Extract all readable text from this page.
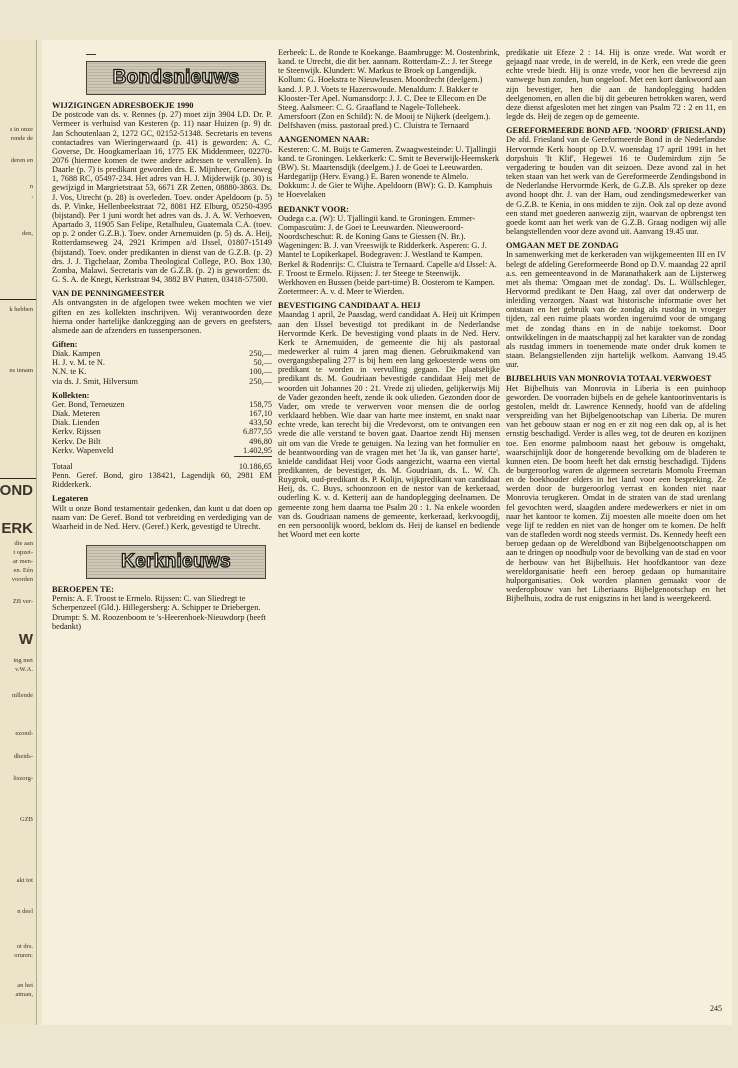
s in onze
rende de
deren en
n
,
den,
k hebben
ns innam
OND
ERK
die aan
t opzet-
ar men-
en. Eén
voorden
ZB ver-
W
ing met
v.W.A.
nillende
ezond-
dheids-
liszorg-
GZB
akt tot
n deel
ot drs.
oruren:
an het
atman,
Bondsnieuws
WIJZIGINGEN ADRESBOEKJE 1990
De postcode van ds. v. Rennes (p. 27) moet zijn 3904 LD. Dr. P. Vermeer is verhuisd van Kesteren (p. 11) naar Huizen (p. 9) dr. Jan Schoutenlaan 2, 1272 GC, 02152-51348. Secretaris en tevens contactadres van Wieringerwaard (p. 41) is geworden: A. C. Goverse, Dr. Hoogkamerlaan 16, 1775 EK Middenmeer, 02270-2076 (hiermee komen de twee andere adressen te vervallen). In Daarle (p. 7) is predikant geworden drs. E. Mijnheer, Groeneweg 1, 7688 RC, 05497-234. Het adres van H. J. Mijderwijk (p. 30) is gewijzigd in Margrietstraat 53, 6671 ZR Zetten, 08880-3863. Ds. J. Vos, Utrecht (p. 28) is overleden. Toev. onder Apeldoorn (p. 5) ds. P. Vinke, Hellenbeekstraat 72, 8081 HZ Elburg, 05250-4395 (bijstand). Per 1 juni wordt het adres van ds. J. A. W. Verhoeven, Apartado 3, 11905 San Felipe, Retalhuleu, Guatemala C.A. (toev. op p. 2 onder G.Z.B.). Toev. onder Arnemuiden (p. 5) ds. A. Heij, Rotterdamseweg 24, 2921 Krimpen a/d IJssel, 01807-15149 (bijstand). Toev. onder predikanten in dienst van de G.Z.B. (p. 2) drs. J. J. Tigchelaar, Zomba Theological College, P.O. Box 130, Zomba, Malawi. Secretaris van de G.Z.B. (p. 2) is geworden: ds. G. S. A. de Knegt, Kerkstraat 94, 3882 BV Putten, 03418-57500.
VAN DE PENNINGMEESTER
Als ontvangsten in de afgelopen twee weken mochten we vier giften en zes kollekten inschrijven. Wij verantwoorden deze hierna onder hartelijke dankzegging aan de gevers en geefsters, alsmede aan de afzenders en tussenpersonen.
Giften:
Diak. Kampen	250,—
H. J. v. M. te N.	50,—
N.N. te K.	100,—
via ds. J. Smit, Hilversum	250,—
Kollekten:
Ger. Bond, Terneuzen	158,75
Diak. Meteren	167,10
Diak. Lienden	433,50
Kerkv. Rijssen	6.877,55
Kerkv. De Bilt	496,80
Kerkv. Wapenveld	1.402,95
Totaal	10.186,65
Penn. Geref. Bond, giro 138421, Lagendijk 60, 2981 EM Ridderkerk.
Legateren
Wilt u onze Bond testamentair gedenken, dan kunt u dat doen op naam van: De Geref. Bond tot verbreiding en verdediging van de Waarheid in de Ned. Herv. (Geref.) Kerk, gevestigd te Utrecht.
Kerknieuws
BEROEPEN TE:
Pernis: A. F. Troost te Ermelo. Rijssen: C. van Sliedregt te Scherpenzeel (Gld.). Hillegersberg: A. Schipper te Driebergen. Drumpt: S. M. Roozenboom te 's-Heerenhoek-Nieuwdorp (heeft bedankt)
Eerbeek: L. de Ronde te Koekange. Baambrugge: M. Oostenbrink, kand. te Utrecht, die dit ber. aannam. Rotterdam-Z.: J. ter Steege te Steenwijk. Klundert: W. Markus te Broek op Langendijk. Kollum: G. Hoekstra te Nieuwleusen. Moordrecht (deelgem.) kand. J. P. J. Voets te Hazerswoude. Menaldum: J. Bakker te Klooster-Ter Apel. Numansdorp: J. J. C. Dee te Ellecom en De Steeg. Aalsmeer: C. G. Graafland te Nagele-Tollebeek. Amersfoort (Zon en Schild): N. de Mooij te Nijkerk (deelgem.). Delfshaven (miss. pastoraal pred.) C. Cluistra te Ternaard
AANGENOMEN NAAR:
Kesteren: C. M. Buijs te Gameren. Zwaagwesteinde: U. Tjallingii kand. te Groningen. Lekkerkerk: C. Smit te Beverwijk-Heemskerk (BW). St. Maartensdijk (deelgem.) J. de Goei te Leeuwarden. Hardegarijp (Herv. Evang.) E. Baren wonende te Almelo. Dokkum: J. de Gier te Wijhe. Apeldoorn (BW): G. D. Kamphuis te Hoevelaken
BEDANKT VOOR:
Oudega c.a. (W): U. Tjallingii kand. te Groningen. Emmer-Compascuüm: J. de Goei te Leeuwarden. Nieuweroord-Noordscheschut: R. de Koning Gans te Giessen (N. Br.). Wageningen: B. J. van Vreeswijk te Ridderkerk. Asperen: G. J. Mantel te Lopikerkapel. Bodegraven: J. Westland te Kampen. Berkel & Rodenrijs: C. Cluistra te Ternaard. Capelle a/d IJssel: A. F. Troost te Ermelo. Rijssen: J. ter Steege te Steenwijk. Werkhoven en Bussen (beide part-time) B. Oosterom te Kampen. Zoetermeer: A. v. d. Meer te Wierden.
BEVESTIGING CANDIDAAT A. HEIJ
Maandag 1 april, 2e Paasdag, werd candidaat A. Heij uit Krimpen aan den IJssel bevestigd tot predikant in de Nederlandse Hervormde Kerk. De bevestiging vond plaats in de Ned. Herv. Kerk te Arnemuiden, de gemeente die hij als pastoraal medewerker al ruim 4 jaren mag dienen. Gebruikmakend van overgangsbepaling 277 is bij hem een lang gekoesterde wens om predikant te worden in vervulling gegaan. De plaatselijke predikant ds. M. Goudriaan bevestigde candidaat Heij met de woorden uit Johannes 20 : 21. Vrede zij ulieden, gelijkerwijs Mij de Vader gezonden heeft, zende ik ook ulieden. Gezonden door de Vader, om vrede te verwerven voor mensen die de oorlog verklaard hebben. Wie daar van harte mee instemt, en snakt naar echte vrede, kan terecht bij die Vredevorst, om te ontvangen een vrede die alle verstand te boven gaat. Daartoe zendt Hij mensen uit om van die Vrede te getuigen. Na lezing van het formulier en de beantwoording van de vragen met het 'Ja ik, van ganser harte', knielde candidaat Heij voor Gods aangezicht, waarna een viertal predikanten, de bevestiger, ds. M. Goudriaan, ds. L. W. Ch. Ruygrok, oud-predikant ds. P. Kolijn, wijkpredikant van candidaat Heij, ds. C. Buys, schoonzoon en de nestor van de kerkeraad, ouderling K. v. d. Ketterij aan de handoplegging deelnamen. De gemeente zong hem daarna toe Psalm 20 : 1. Na enkele woorden van ds. Goudriaan namens de gemeente, kerkeraad, kerkvoogdij, en een persoonlijk woord, beklom ds. Heij de kansel en bediende het Woord met een korte
predikatie uit Efeze 2 : 14. Hij is onze vrede. Wat wordt er gejaagd naar vrede, in de wereld, in de Kerk, een vrede die geen echte vrede biedt. Hij is onze vrede, voor hen die bevreesd zijn vanwege hun zonden, hun ongeloof. Met een kort dankwoord aan zijn bevestiger, hen die aan de handoplegging hadden deelgenomen, en allen die bij dit gebeuren betrokken waren, werd deze dienst afgesloten met het zingen van Psalm 72 : 2 en 11, en legde ds. Heij de zegen op de gemeente.
GEREFORMEERDE BOND AFD. 'NOORD' (FRIESLAND)
De afd. Friesland van de Gereformeerde Bond in de Nederlandse Hervormde Kerk hoopt op D.V. woensdag 17 april 1991 in het dorpshuis 'It Klif', Hegewei 16 te Oudemirdum zijn 5e vergadering te houden van dit seizoen. Deze avond zal in het teken staan van het werk van de Gereformeerde Zendingsbond in de Nederlandse Hervormde Kerk, de G.Z.B. Als spreker op deze avond hoopt dhr. J. van der Ham, oud zendingsmedewerker van de G.Z.B. te Kenia, in ons midden te zijn. Ook zal op deze avond een stand met goederen aanwezig zijn, waarvan de opbrengst ten goede komt aan het werk van de G.Z.B. Graag nodigen wij alle belangstellenden voor deze avond uit. Aanvang 19.45 uur.
OMGAAN MET DE ZONDAG
In samenwerking met de kerkeraden van wijkgemeenten III en IV belegt de afdeling Gereformeerde Bond op D.V. maandag 22 april a.s. een gemeenteavond in de Maranathakerk aan de Lijsterweg met als thema: 'Omgaan met de zondag'. Ds. L. Wüllschleger, Hervormd predikant te Den Haag, zal over dat onderwerp de inleiding verzorgen. Naast wat historische informatie over het ontstaan en het gebruik van de zondag als rustdag in vroeger tijden, zal een ruime plaats worden ingeruimd voor de omgang met de zondag thans en in de nabije toekomst. Door ontwikkelingen in de maatschappij zal het karakter van de zondag als rustdag immers in toenemende mate onder druk komen te staan. Belangstellenden zijn hartelijk welkom. Aanvang 19.45 uur.
BIJBELHUIS VAN MONROVIA TOTAAL VERWOEST
Het Bijbelhuis van Monrovia in Liberia is een puinhoop geworden. De voorraden bijbels en de gehele kantoorinventaris is gestolen, meldt dr. Lawrence Kennedy, hoofd van de afdeling verspreiding van het Bijbelgenootschap van Liberia. De muren van het gebouw staan er nog en er zit nog een dak op, al is het ernstig beschadigd. Verder is alles weg, tot de deuren en kozijnen toe. Een enorme palmboom naast het gebouw is omgehakt, waarschijnlijk door de hongerende bevolking om de bladeren te kunnen eten. De boom heeft het dak ernstig beschadigd. Tijdens de burgeroorlog waren de algemeen secretaris Momolu Freeman en de boekhouder elders in het land voor een bespreking. Ze werden door de burgeroorlog verrast en konden niet naar Monrovia terugkeren. Omdat in de straten van de stad urenlang fel gevochten werd, slaagden andere medewerkers er niet in om naar het kantoor te komen. Zij moesten alle moeite doen om het vege lijf te redden en niet van de honger om te komen. De helft van de stafleden wordt nog steeds vermist. Ds. Kennedy heeft een beroep gedaan op de Wereldbond van Bijbelgenootschappen om aan te dringen op noodhulp voor de bevolking van de stad en voor de herbouw van het Bijbelhuis. Het hoofdkantoor van deze wereldorganisatie heeft een beroep gedaan op humanitaire hulporganisaties. Ook worden plannen gemaakt voor de wederopbouw van het Liberiaans Bijbelgenootschap en het Bijbelhuis, zodra de rust enigszins in het land is weergekeerd.
245
